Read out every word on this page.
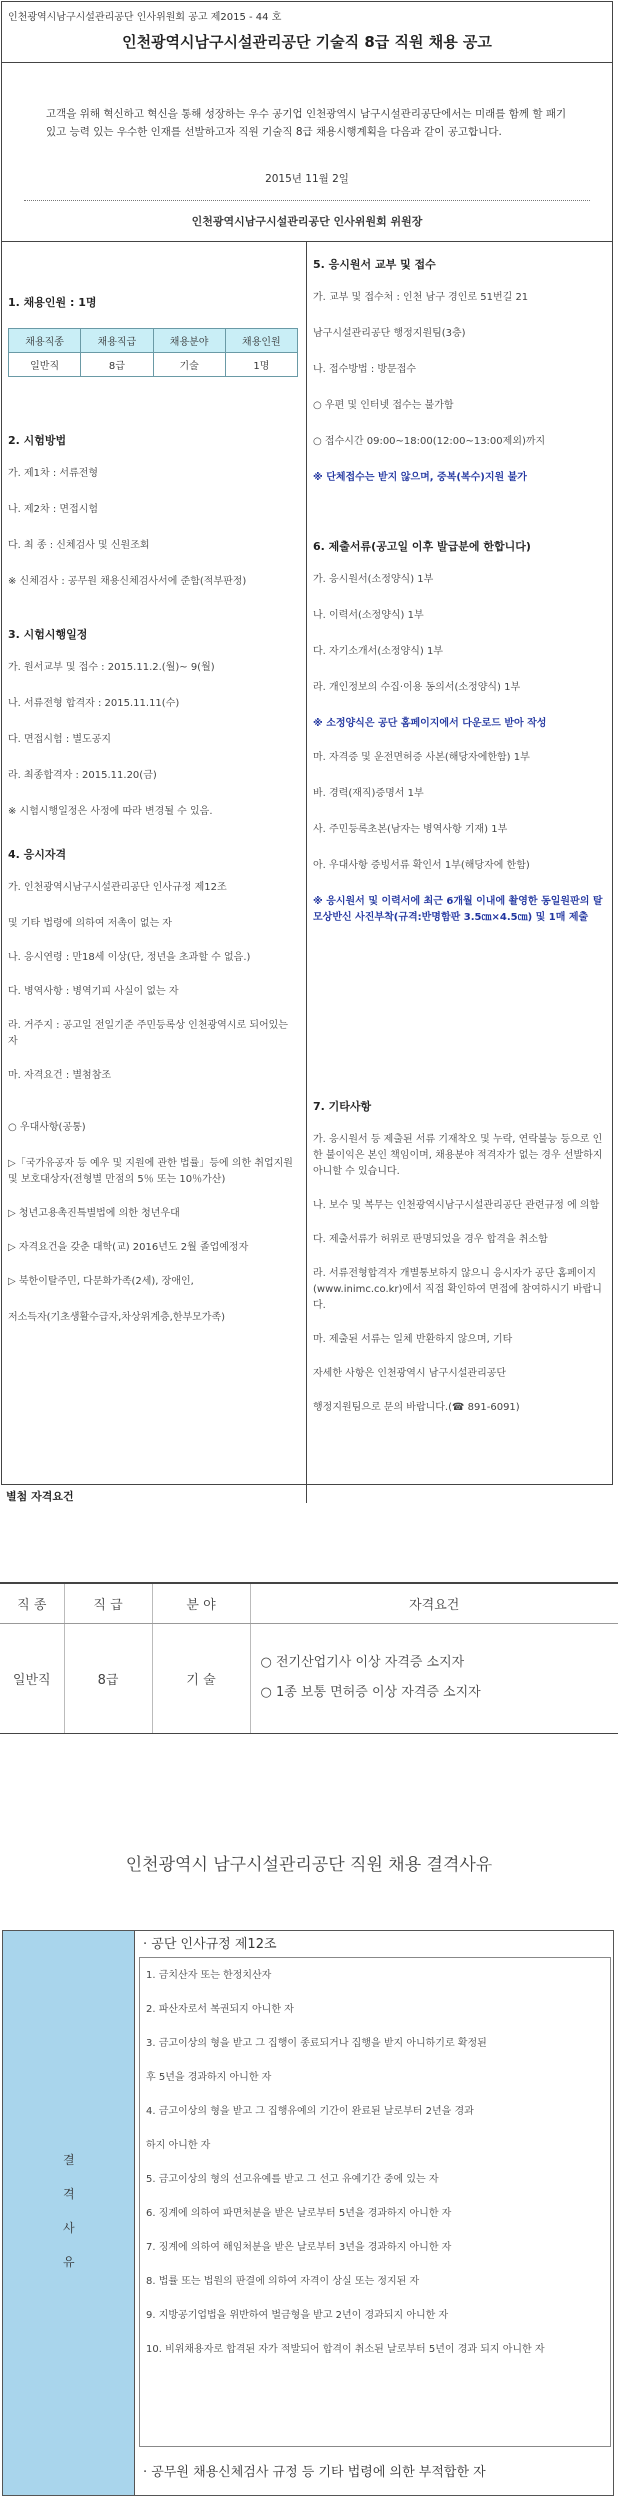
인천광역시남구시설관리공단 인사위원회 공고 제2015 - 44 호
인천광역시남구시설관리공단 기술직 8급 직원 채용 공고
고객을 위해 혁신하고 혁신을 통해 성장하는 우수 공기업 인천광역시 남구시설관리공단에서는 미래를 함께 할 패기 있고 능력 있는 우수한 인재를 선발하고자 직원 기술직 8급 채용시행계획을 다음과 같이 공고합니다.
2015년 11월 2일
인천광역시남구시설관리공단 인사위원회 위원장
1. 채용인원 : 1명
채용직종	채용직급	채용분야	채용인원
일반직	8급	기술	1명
2. 시험방법
가. 제1차 : 서류전형
나. 제2차 : 면접시험
다. 최 종 : 신체검사 및 신원조회
※ 신체검사 : 공무원 채용신체검사서에 준함(적부판정)
3. 시험시행일정
가. 원서교부 및 접수 : 2015.11.2.(월)~ 9(월)
나. 서류전형 합격자 : 2015.11.11(수)
다. 면접시험 : 별도공지
라. 최종합격자 : 2015.11.20(금)
※ 시험시행일정은 사정에 따라 변경될 수 있음.
4. 응시자격
가. 인천광역시남구시설관리공단 인사규정 제12조
및 기타 법령에 의하여 저촉이 없는 자
나. 응시연령 : 만18세 이상(단, 정년을 초과할 수 없음.)
다. 병역사항 : 병역기피 사실이 없는 자
라. 거주지 : 공고일 전일기준 주민등록상 인천광역시로 되어있는 자
마. 자격요건 : 별첨참조
○ 우대사항(공통)
▷「국가유공자 등 예우 및 지원에 관한 법률」등에 의한 취업지원 및 보호대상자(전형별 만점의 5％ 또는 10％가산)
▷ 청년고용촉진특별법에 의한 청년우대
▷ 자격요건을 갖춘 대학(교) 2016년도 2월 졸업예정자
▷ 북한이탈주민, 다문화가족(2세), 장애인,
저소득자(기초생활수급자,차상위계층,한부모가족)
5. 응시원서 교부 및 접수
가. 교부 및 접수처 : 인천 남구 경인로 51번길 21
남구시설관리공단 행정지원팀(3층)
나. 접수방법 : 방문접수
○ 우편 및 인터넷 접수는 불가함
○ 접수시간 09:00~18:00(12:00~13:00제외)까지
※ 단체접수는 받지 않으며, 중복(복수)지원 불가
6. 제출서류(공고일 이후 발급분에 한합니다)
가. 응시원서(소정양식) 1부
나. 이력서(소정양식) 1부
다. 자기소개서(소정양식) 1부
라. 개인정보의 수집·이용 동의서(소정양식) 1부
※ 소정양식은 공단 홈페이지에서 다운로드 받아 작성
마. 자격증 및 운전면허증 사본(해당자에한함) 1부
바. 경력(재직)증명서 1부
사. 주민등록초본(남자는 병역사항 기재) 1부
아. 우대사항 증빙서류 확인서 1부(해당자에 한함)
※ 응시원서 및 이력서에 최근 6개월 이내에 촬영한 동일원판의 탈모상반신 사진부착(규격:반명함판 3.5㎝×4.5㎝) 및 1매 제출
7. 기타사항
가. 응시원서 등 제출된 서류 기재착오 및 누락, 연락불능 등으로 인한 불이익은 본인 책임이며, 채용분야 적격자가 없는 경우 선발하지 아니할 수 있습니다.
나. 보수 및 복무는 인천광역시남구시설관리공단 관련규정 에 의함
다. 제출서류가 허위로 판명되었을 경우 합격을 취소함
라. 서류전형합격자 개별통보하지 않으니 응시자가 공단 홈페이지(www.inimc.co.kr)에서 직접 확인하여 면접에 참여하시기 바랍니다.
마. 제출된 서류는 일체 반환하지 않으며, 기타
자세한 사항은 인천광역시 남구시설관리공단
행정지원팀으로 문의 바랍니다.(☎ 891-6091)
별첨 자격요건
직 종	직 급	분 야	자격요건
일반직	8급	기 술	○ 전기산업기사 이상 자격증 소지자
○ 1종 보통 면허증 이상 자격증 소지자
인천광역시 남구시설관리공단 직원 채용 결격사유
결
격
사
유
· 공단 인사규정 제12조
1. 금치산자 또는 한정치산자
2. 파산자로서 복권되지 아니한 자
3. 금고이상의 형을 받고 그 집행이 종료되거나 집행을 받지 아니하기로 확정된
후 5년을 경과하지 아니한 자
4. 금고이상의 형을 받고 그 집행유예의 기간이 완료된 날로부터 2년을 경과
하지 아니한 자
5. 금고이상의 형의 선고유예를 받고 그 선고 유예기간 중에 있는 자
6. 징계에 의하여 파면처분을 받은 날로부터 5년을 경과하지 아니한 자
7. 징계에 의하여 해임처분을 받은 날로부터 3년을 경과하지 아니한 자
8. 법률 또는 법원의 판결에 의하여 자격이 상실 또는 정지된 자
9. 지방공기업법을 위반하여 벌금형을 받고 2년이 경과되지 아니한 자
10. 비위채용자로 합격된 자가 적발되어 합격이 취소된 날로부터 5년이 경과 되지 아니한 자
· 공무원 채용신체검사 규정 등 기타 법령에 의한 부적합한 자
